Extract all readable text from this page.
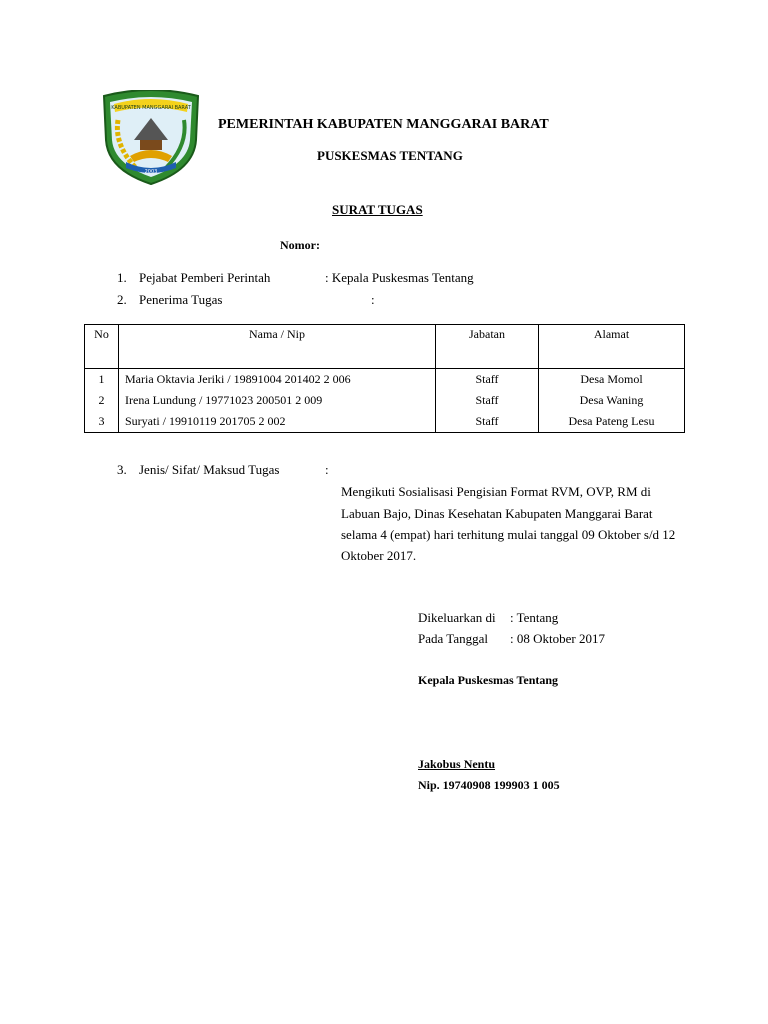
KABUPATEN MANGGARAI BARAT
2003
PEMERINTAH KABUPATEN MANGGARAI BARAT
PUSKESMAS TENTANG
SURAT TUGAS
Nomor:
1. Pejabat Pemberi Perintah	: Kepala Puskesmas Tentang
2. Penerima Tugas	:
No	Nama / Nip	Jabatan	Alamat
1	Maria Oktavia Jeriki / 19891004 201402 2 006	Staff	Desa Momol
2	Irena Lundung / 19771023 200501 2 009	Staff	Desa Waning
3	Suryati / 19910119 201705 2 002	Staff	Desa Pateng Lesu
3. Jenis/ Sifat/ Maksud Tugas	:
Mengikuti Sosialisasi Pengisian Format RVM, OVP, RM di
Labuan Bajo, Dinas Kesehatan Kabupaten Manggarai Barat
selama 4 (empat) hari terhitung mulai tanggal 09 Oktober s/d 12
Oktober 2017.
Dikeluarkan di : Tentang
Pada Tanggal : 08 Oktober 2017
Kepala Puskesmas Tentang
Jakobus Nentu
Nip. 19740908 199903 1 005
